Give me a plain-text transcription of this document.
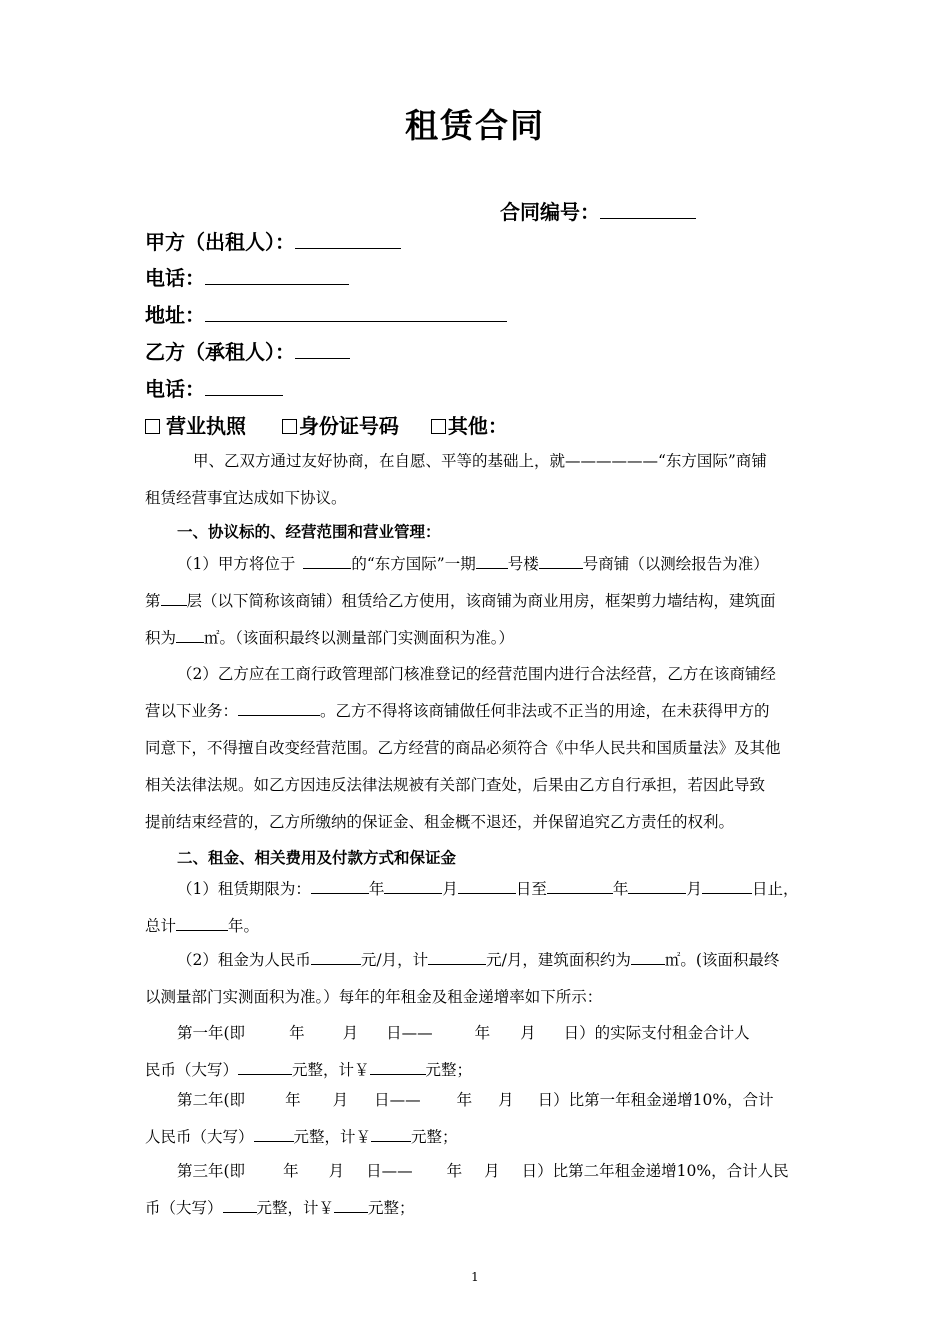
租赁合同
合同编号：
甲方（出租人）：
电话：
地址：
乙方（承租人）：
电话：
营业执照	身份证号码 其他：
甲、乙双方通过友好协商，在自愿、平等的基础上，就——————“东方国际”商铺
租赁经营事宜达成如下协议。
一、协议标的、经营范围和营业管理：
（1）甲方将位于	的“东方国际”一期 号楼	号商铺（以测绘报告为准）
第 层（以下简称该商铺）租赁给乙方使用，该商铺为商业用房，框架剪力墙结构，建筑面
积为 ㎡。（该面积最终以测量部门实测面积为准。）
（2）乙方应在工商行政管理部门核准登记的经营范围内进行合法经营，乙方在该商铺经
营以下业务：	。乙方不得将该商铺做任何非法或不正当的用途，在未获得甲方的
同意下，不得擅自改变经营范围。乙方经营的商品必须符合《中华人民共和国质量法》及其他
相关法律法规。如乙方因违反法律法规被有关部门查处，后果由乙方自行承担，若因此导致
提前结束经营的，乙方所缴纳的保证金、租金概不退还，并保留追究乙方责任的权利。
二、租金、相关费用及付款方式和保证金
（1）租赁期限为：	年	月	日至	年	月	日止，
总计	年。
（2）租金为人民币	元/月，计	元/月，建筑面积约为 ㎡。(该面积最终
以测量部门实测面积为准。）每年的年租金及租金递增率如下所示：
第一年(即	年 月 日——	年 月 日）的实际支付租金合计人
民币（大写）	元整，计￥	元整；
第二年(即	年 月 日—— 年 月 日）比第一年租金递增10%，合计
人民币（大写）	元整，计￥	元整；
第三年(即 年 月 日—— 年 月 日）比第二年租金递增10%，合计人民
币（大写） 元整，计￥ 元整；
1
